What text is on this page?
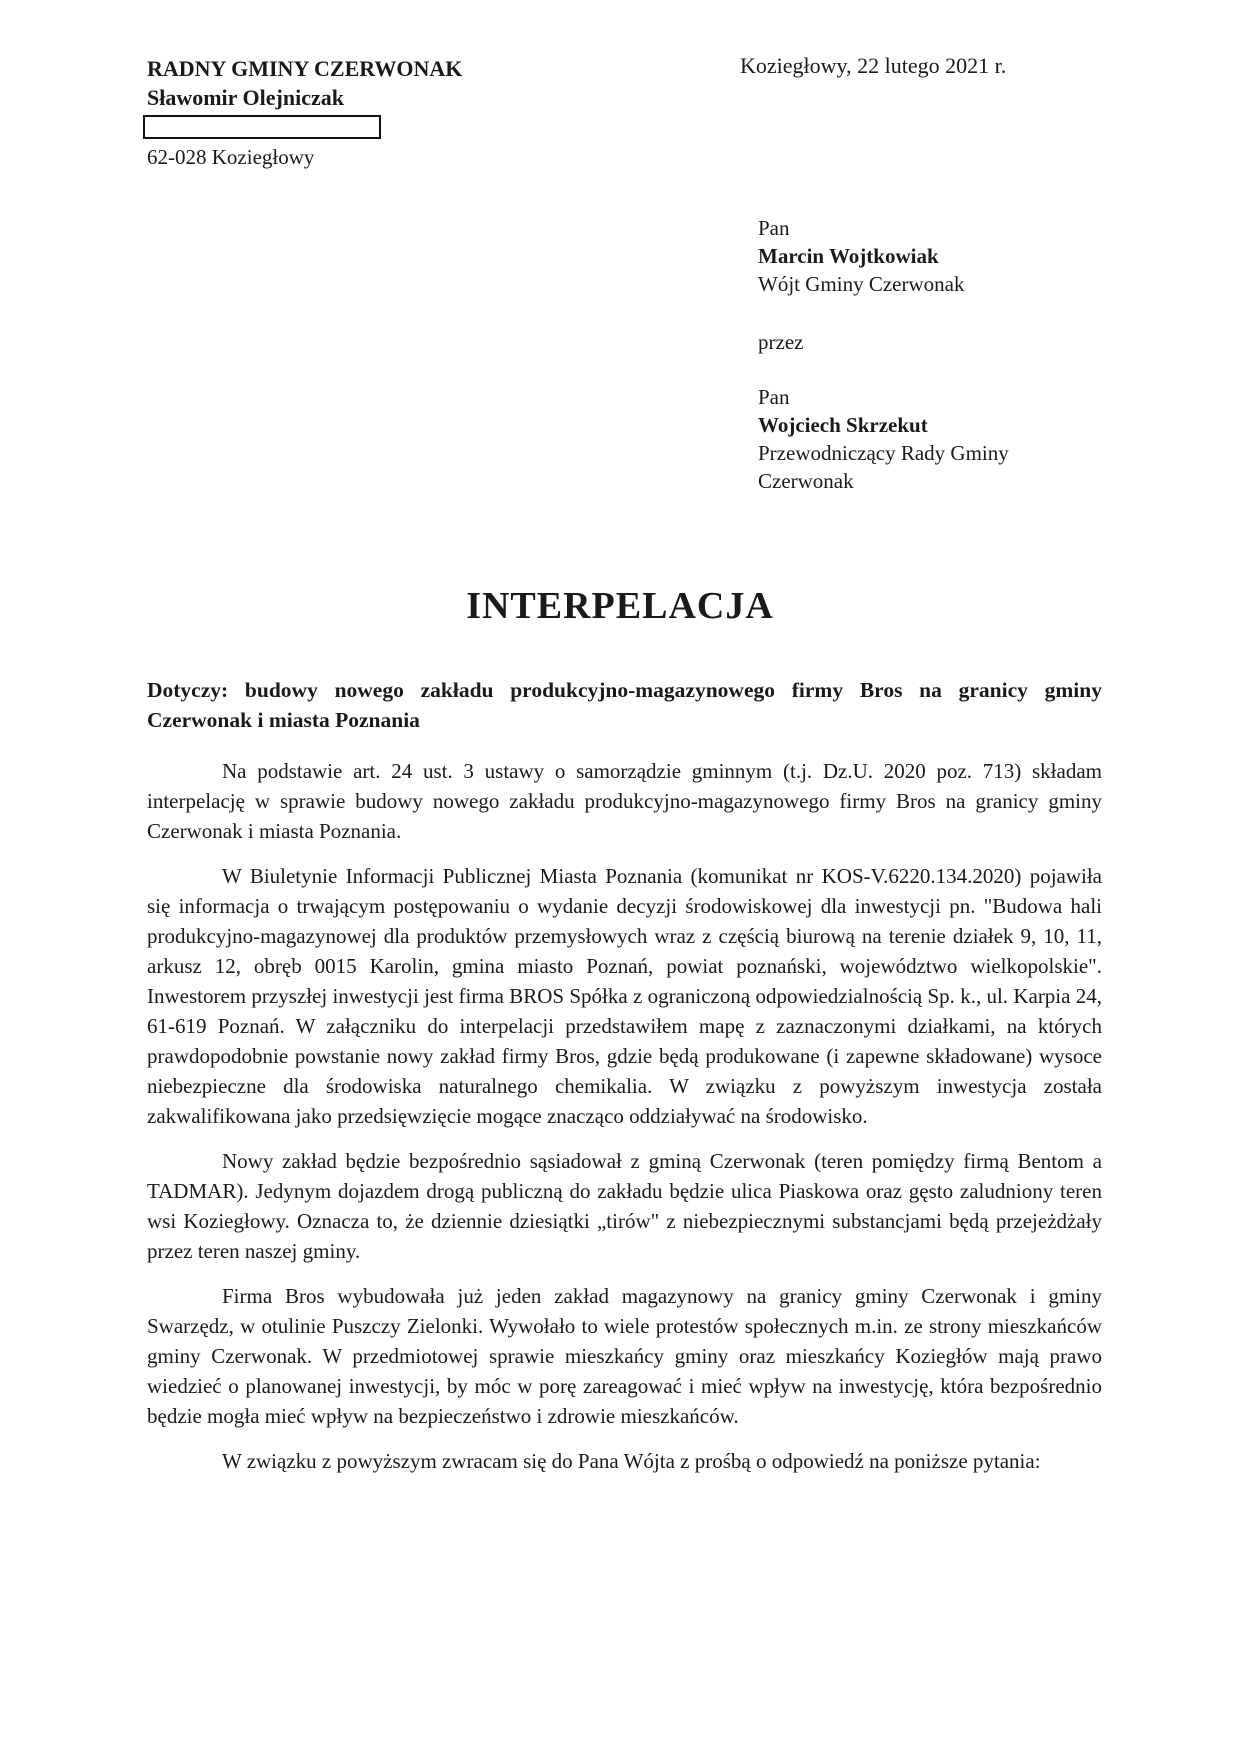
RADNY GMINY CZERWONAK
Sławomir Olejniczak
62-028 Koziegłowy
Koziegłowy, 22 lutego 2021 r.
Pan
Marcin Wojtkowiak
Wójt Gminy Czerwonak
przez
Pan
Wojciech Skrzekut
Przewodniczący Rady Gminy
Czerwonak
INTERPELACJA
Dotyczy: budowy nowego zakładu produkcyjno-magazynowego firmy Bros na granicy gminy Czerwonak i miasta Poznania

Na podstawie art. 24 ust. 3 ustawy o samorządzie gminnym (t.j. Dz.U. 2020 poz. 713) składam interpelację w sprawie budowy nowego zakładu produkcyjno-magazynowego firmy Bros na granicy gminy Czerwonak i miasta Poznania.

W Biuletynie Informacji Publicznej Miasta Poznania (komunikat nr KOS-V.6220.134.2020) pojawiła się informacja o trwającym postępowaniu o wydanie decyzji środowiskowej dla inwestycji pn. "Budowa hali produkcyjno-magazynowej dla produktów przemysłowych wraz z częścią biurową na terenie działek 9, 10, 11, arkusz 12, obręb 0015 Karolin, gmina miasto Poznań, powiat poznański, województwo wielkopolskie". Inwestorem przyszłej inwestycji jest firma BROS Spółka z ograniczoną odpowiedzialnością Sp. k., ul. Karpia 24, 61-619 Poznań. W załączniku do interpelacji przedstawiłem mapę z zaznaczonymi działkami, na których prawdopodobnie powstanie nowy zakład firmy Bros, gdzie będą produkowane (i zapewne składowane) wysoce niebezpieczne dla środowiska naturalnego chemikalia. W związku z powyższym inwestycja została zakwalifikowana jako przedsięwzięcie mogące znacząco oddziaływać na środowisko.

Nowy zakład będzie bezpośrednio sąsiadował z gminą Czerwonak (teren pomiędzy firmą Bentom a TADMAR). Jedynym dojazdem drogą publiczną do zakładu będzie ulica Piaskowa oraz gęsto zaludniony teren wsi Koziegłowy. Oznacza to, że dziennie dziesiątki „tirów" z niebezpiecznymi substancjami będą przejeżdżały przez teren naszej gminy.

Firma Bros wybudowała już jeden zakład magazynowy na granicy gminy Czerwonak i gminy Swarzędz, w otulinie Puszczy Zielonki. Wywołało to wiele protestów społecznych m.in. ze strony mieszkańców gminy Czerwonak. W przedmiotowej sprawie mieszkańcy gminy oraz mieszkańcy Koziegłów mają prawo wiedzieć o planowanej inwestycji, by móc w porę zareagować i mieć wpływ na inwestycję, która bezpośrednio będzie mogła mieć wpływ na bezpieczeństwo i zdrowie mieszkańców.

W związku z powyższym zwracam się do Pana Wójta z prośbą o odpowiedź na poniższe pytania:
